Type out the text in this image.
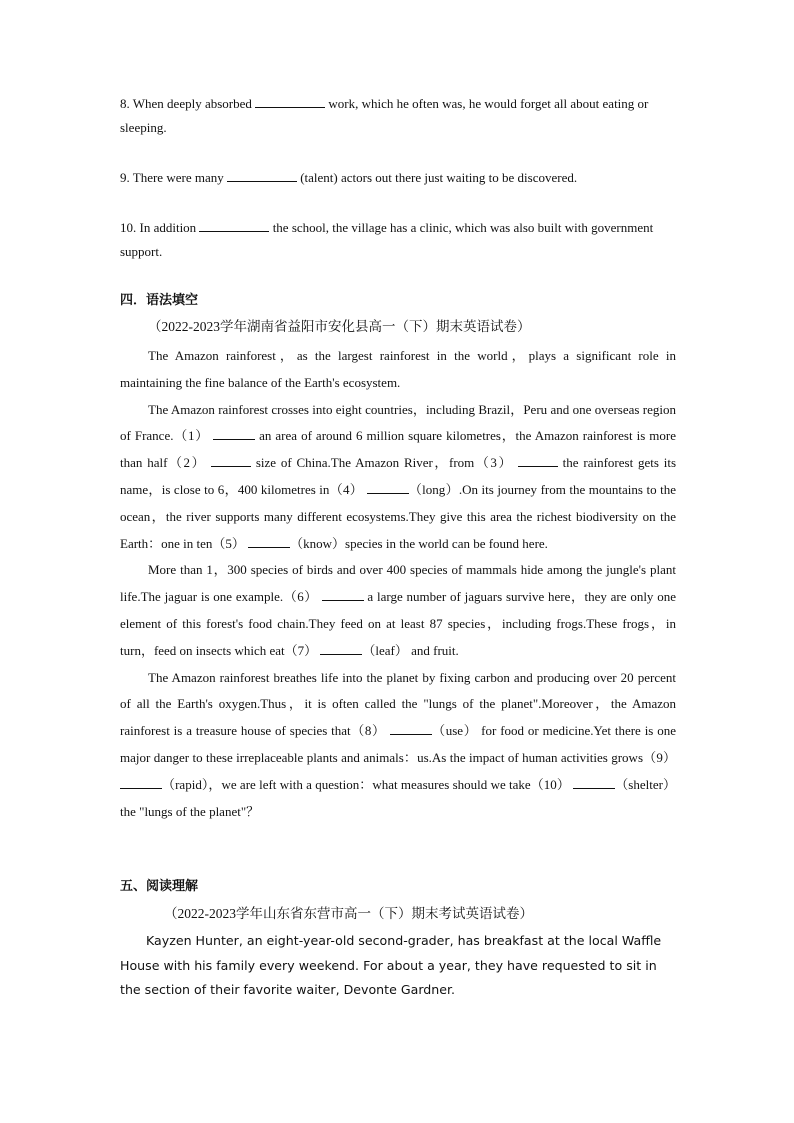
8. When deeply absorbed	work, which he often was, he would forget all about eating or sleeping.
9. There were many	(talent) actors out there just waiting to be discovered.
10. In addition	the school, the village has a clinic, which was also built with government support.
四．语法填空
（2022-2023学年湖南省益阳市安化县高一（下）期末英语试卷）

The Amazon rainforest，as the largest rainforest in the world，plays a significant role in maintaining the fine balance of the Earth's ecosystem.

The Amazon rainforest crosses into eight countries，including Brazil，Peru and one overseas region of France.（1）	an area of around 6 million square kilometres，the Amazon rainforest is more than half（2）	size of China.The Amazon River，from（3）	the rainforest gets its name，is close to 6，400 kilometres in（4）	（long）.On its journey from the mountains to the ocean，the river supports many different ecosystems.They give this area the richest biodiversity on the Earth：one in ten（5）	（know）species in the world can be found here.

More than 1，300 species of birds and over 400 species of mammals hide among the jungle's plant life.The jaguar is one example.（6）	a large number of jaguars survive here，they are only one element of this forest's food chain.They feed on at least 87 species，including frogs.These frogs，in turn，feed on insects which eat（7）	（leaf） and fruit.

The Amazon rainforest breathes life into the planet by fixing carbon and producing over 20 percent of all the Earth's oxygen.Thus，it is often called the "lungs of the planet".Moreover，the Amazon rainforest is a treasure house of species that（8）	（use） for food or medicine.Yet there is one major danger to these irreplaceable plants and animals：us.As the impact of human activities grows（9） （rapid），we are left with a question：what measures should we take（10）	（shelter） the "lungs of the planet"？

五、阅读理解
（2022-2023学年山东省东营市高一（下）期末考试英语试卷）

Kayzen Hunter, an eight-year-old second-grader, has breakfast at the local Waffle House with his family every weekend. For about a year, they have requested to sit in the section of their favorite waiter, Devonte Gardner.
